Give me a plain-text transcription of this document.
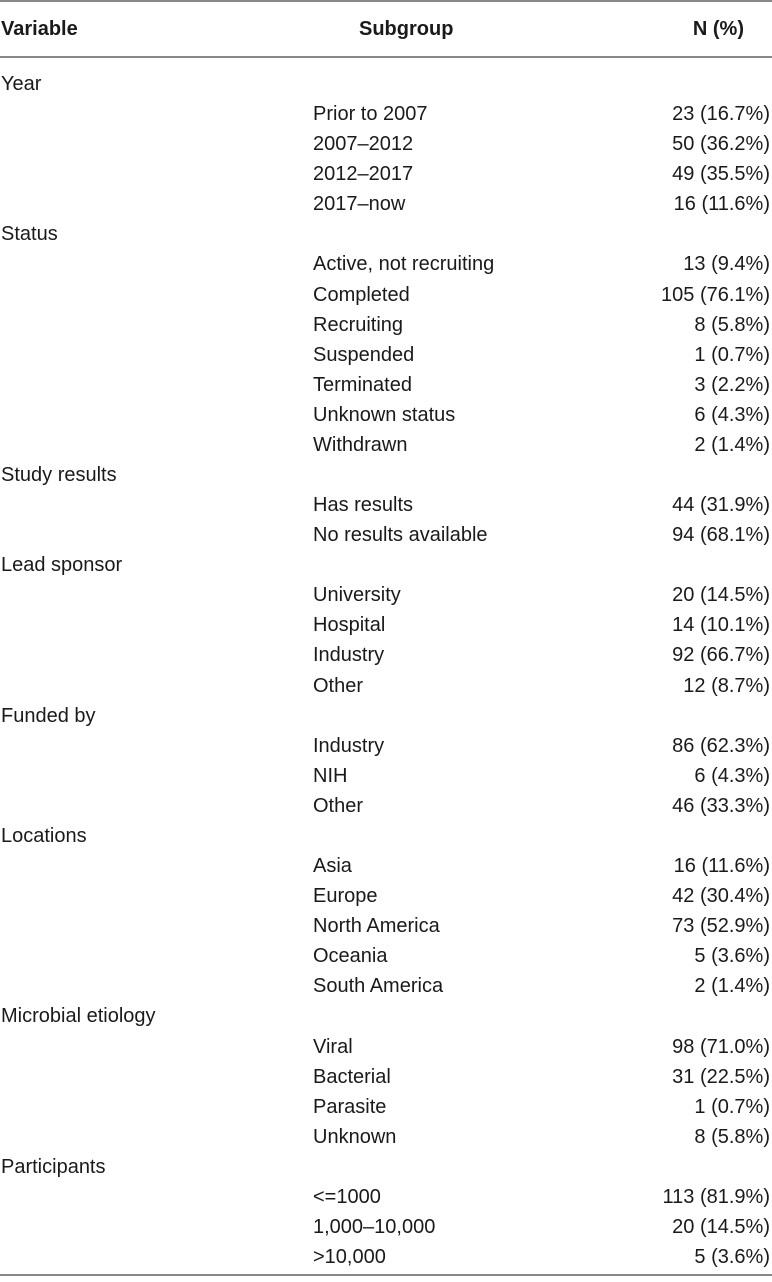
Variable	Subgroup	N (%)
Year
Prior to 2007	23 (16.7%)
2007–2012	50 (36.2%)
2012–2017	49 (35.5%)
2017–now	16 (11.6%)
Status
Active, not recruiting	13 (9.4%)
Completed	105 (76.1%)
Recruiting	8 (5.8%)
Suspended	1 (0.7%)
Terminated	3 (2.2%)
Unknown status	6 (4.3%)
Withdrawn	2 (1.4%)
Study results
Has results	44 (31.9%)
No results available	94 (68.1%)
Lead sponsor
University	20 (14.5%)
Hospital	14 (10.1%)
Industry	92 (66.7%)
Other	12 (8.7%)
Funded by
Industry	86 (62.3%)
NIH	6 (4.3%)
Other	46 (33.3%)
Locations
Asia	16 (11.6%)
Europe	42 (30.4%)
North America	73 (52.9%)
Oceania	5 (3.6%)
South America	2 (1.4%)
Microbial etiology
Viral	98 (71.0%)
Bacterial	31 (22.5%)
Parasite	1 (0.7%)
Unknown	8 (5.8%)
Participants
<=1000	113 (81.9%)
1,000–10,000	20 (14.5%)
>10,000	5 (3.6%)
